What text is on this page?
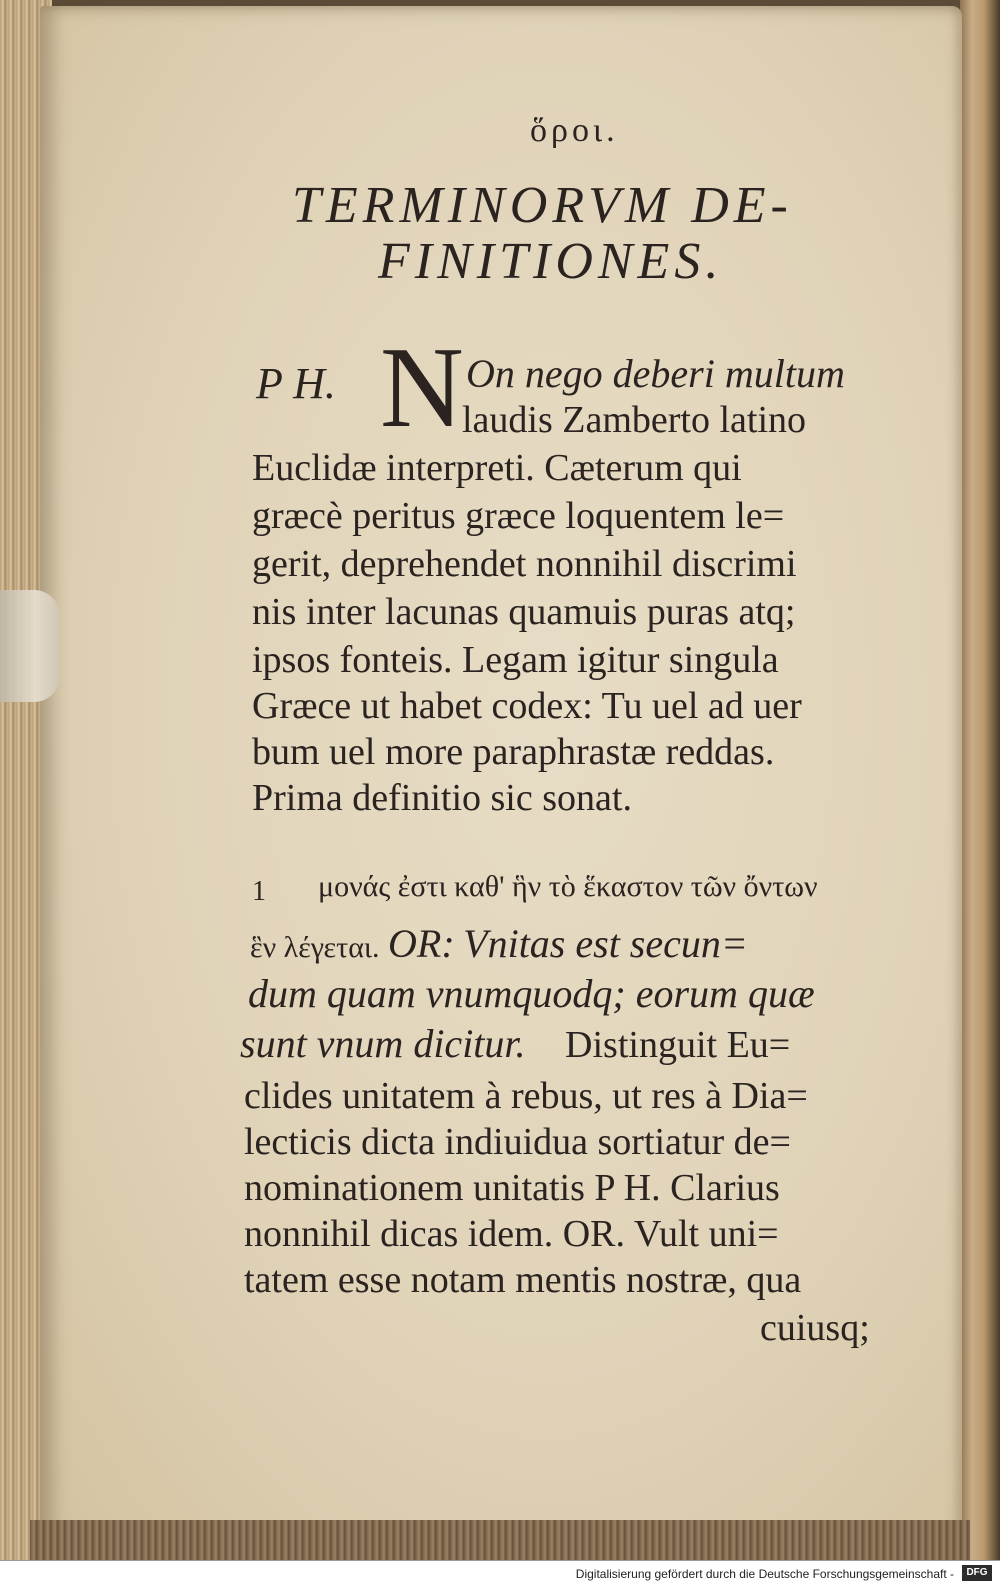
ὅρoι.
TERMINORVM DE-
FINITIONES.
P H. N On nego deberi multum
laudis Zamberto latino
Euclidæ interpreti. Cæterum qui
græcè peritus græce loquentem le=
gerit, deprehendet nonnihil discrimi
nis inter lacunas quamuis puras atq;
ipsos fonteis. Legam igitur singula
Græce ut habet codex: Tu uel ad uer
bum uel more paraphrastæ reddas.
Prima definitio sic sonat.
1 μονάς ἐστι καθ' ἣν τὸ ἕκαστον τῶν ὄντων
ἓν λέγεται. OR: Vnitas est secun=
dum quam vnumquodq; eorum quæ
sunt vnum dicitur. Distinguit Eu=
clides unitatem à rebus, ut res à Dia=
lecticis dicta indiuidua sortiatur de=
nominationem unitatis P H. Clarius
nonnihil dicas idem. OR. Vult uni=
tatem esse notam mentis nostræ, qua
cuiusq;
Digitalisierung gefördert durch die Deutsche Forschungsgemeinschaft -	DFG
